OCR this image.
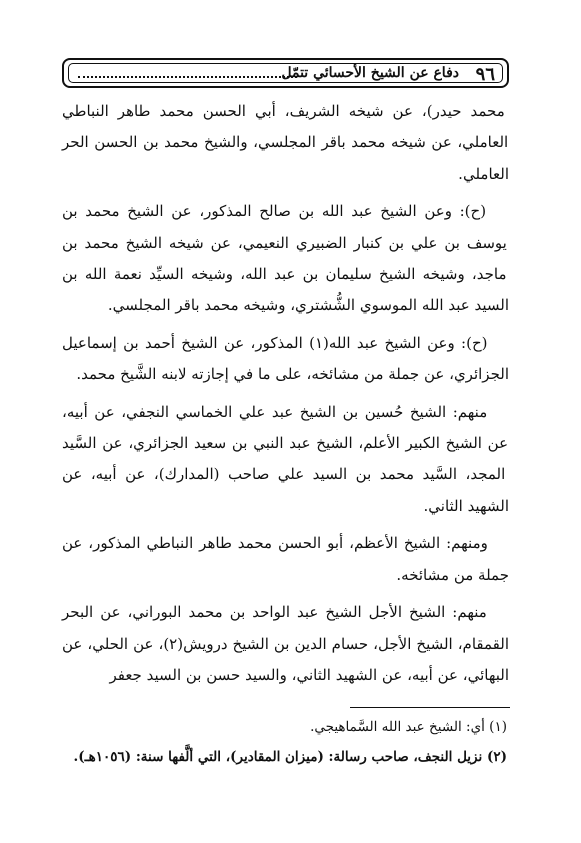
٩٦
دفاع عن الشيخ الأحسائي تتمّل

محمد حيدر)، عن شيخه الشريف، أبي الحسن محمد طاهر النباطي العاملي، عن شيخه محمد باقر المجلسي، والشيخ محمد بن الحسن الحر العاملي.

(ح): وعن الشيخ عبد الله بن صالح المذكور، عن الشيخ محمد بن يوسف بن علي بن كنبار الضبيري النعيمي، عن شيخه الشيخ محمد بن ماجد، وشيخه الشيخ سليمان بن عبد الله، وشيخه السيِّد نعمة الله بن السيد عبد الله الموسوي الشُّشتري، وشيخه محمد باقر المجلسي.

(ح): وعن الشيخ عبد الله(١) المذكور، عن الشيخ أحمد بن إسماعيل الجزائري، عن جملة من مشائخه، على ما في إجازته لابنه الشَّيخ محمد.

منهم: الشيخ حُسين بن الشيخ عبد علي الخماسي النجفي، عن أبيه، عن الشيخ الكبير الأعلم، الشيخ عبد النبي بن سعيد الجزائري، عن السَّيد المجد، السَّيد محمد بن السيد علي صاحب (المدارك)، عن أبيه، عن الشهيد الثاني.

ومنهم: الشيخ الأعظم، أبو الحسن محمد طاهر النباطي المذكور، عن جملة من مشائخه.

منهم: الشيخ الأجل الشيخ عبد الواحد بن محمد البوراني، عن البحر القمقام، الشيخ الأجل، حسام الدين بن الشيخ درويش(٢)، عن الحلي، عن البهائي، عن أبيه، عن الشهيد الثاني، والسيد حسن بن السيد جعفر

(١) أي: الشيخ عبد الله السَّماهيجي.

(٢) نزيل النجف، صاحب رسالة: (ميزان المقادير)، التي ألَّفها سنة: (١٠٥٦هـ).
